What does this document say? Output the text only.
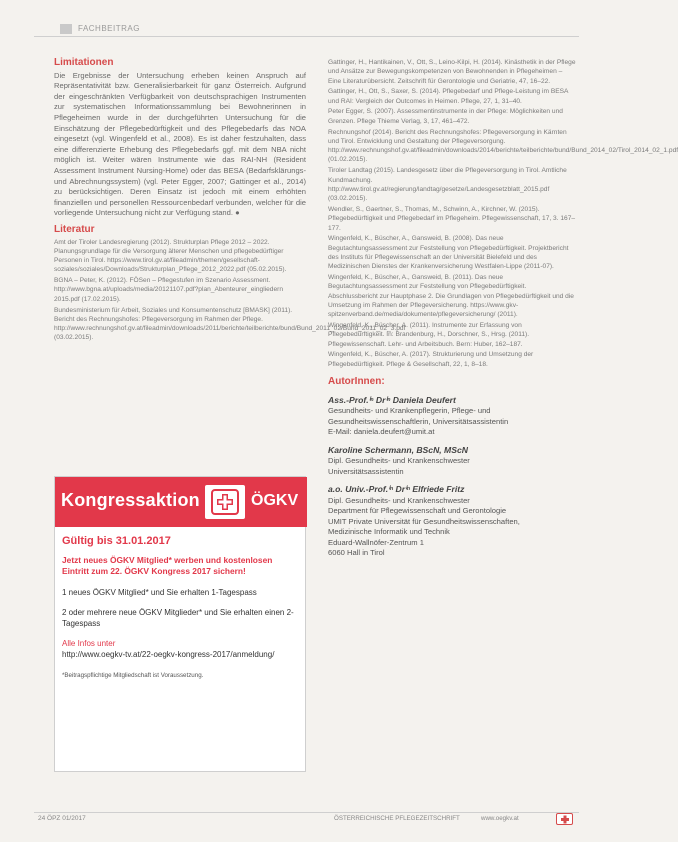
FACHBEITRAG
Limitationen

Die Ergebnisse der Untersuchung erheben keinen Anspruch auf Repräsentativität bzw. Generalisierbarkeit für ganz Österreich. Aufgrund der eingeschränkten Verfügbarkeit von deutschsprachigen Instrumenten zur systematischen Informationssammlung bei Bewohnerinnen in Pflegeheimen wurde in der durchgeführten Untersuchung für die Einschätzung der Pflegebedürftigkeit und des Pflegebedarfs das NOA eingesetzt (vgl. Wingenfeld et al., 2008). Es ist daher festzuhalten, dass eine differenzierte Erhebung des Pflegebedarfs ggf. mit dem NBA nicht möglich ist. Weiter wären Instrumente wie das RAI-NH (Resident Assessment Instrument Nursing-Home) oder das BESA (Bedarfsklärungs- und Abrechnungssystem) (vgl. Peter Egger, 2007; Gattinger et al., 2014) zu berücksichtigen. Deren Einsatz ist jedoch mit einem erhöhten finanziellen und personellen Ressourcenbedarf verbunden, welcher für die vorliegende Untersuchung nicht zur Verfügung stand. ●

Literatur

Amt der Tiroler Landesregierung (2012). Strukturplan Pflege 2012 – 2022. Planungsgrundlage für die Versorgung älterer Menschen und pflegebedürftiger Personen in Tirol. https://www.tirol.gv.at/fileadmin/themen/gesellschaft-soziales/soziales/Downloads/Strukturplan_Pflege_2012_2022.pdf (05.02.2015).

BGNA – Peter, K. (2012). FÖSen – Pflegestufen im Szenario Assessment. http://www.bgna.at/uploads/media/20121107.pdf?plan_Abenteurer_eingliedern 2015.pdf (17.02.2015).

Bundesministerium für Arbeit, Soziales und Konsumentenschutz [BMASK] (2011). Bericht des Rechnungshofes: Pflegeversorgung im Rahmen der Pflege. http://www.rechnungshof.gv.at/fileadmin/downloads/2011/berichte/teilberichte/bund/Bund_2011_02/Bund_2011_02_3.pdf (03.02.2015).

Kongressaktion	ÖGKV
Gültig bis 31.01.2017
Jetzt neues ÖGKV Mitglied* werben und kostenlosen Eintritt zum 22. ÖGKV Kongress 2017 sichern!
1 neues ÖGKV Mitglied* und Sie erhalten 1-Tagespass
2 oder mehrere neue ÖGKV Mitglieder* und Sie erhalten einen 2-Tagespass
Alle Infos unter
http://www.oegkv-tv.at/22-oegkv-kongress-2017/anmeldung/
*Beitragspflichtige Mitgliedschaft ist Voraussetzung.

Gattinger, H., Hantikainen, V., Ott, S., Leino-Kilpi, H. (2014). Kinästhetik in der Pflege und Ansätze zur Bewegungskompetenzen von Bewohnenden in Pflegeheimen – Eine Literaturübersicht. Zeitschrift für Gerontologie und Geriatrie, 47, 16–22.

Gattinger, H., Ott, S., Saxer, S. (2014). Pflegebedarf und Pflege-Leistung im BESA und RAI: Vergleich der Outcomes in Heimen. Pflege, 27, 1, 31–40.

Peter Egger, S. (2007). Assessmentinstrumente in der Pflege: Möglichkeiten und Grenzen. Pflege Thieme Verlag, 3, 17, 461–472.

Rechnungshof (2014). Bericht des Rechnungshofes: Pflegeversorgung in Kärnten und Tirol. Entwicklung und Gestaltung der Pflegeversorgung. http://www.rechnungshof.gv.at/fileadmin/downloads/2014/berichte/teilberichte/bund/Bund_2014_02/Tirol_2014_02_1.pdf (01.02.2015).

Tiroler Landtag (2015). Landesgesetz über die Pflegeversorgung in Tirol. Amtliche Kundmachung. http://www.tirol.gv.at/regierung/landtag/gesetze/Landesgesetzblatt_2015.pdf (03.02.2015).

Wendler, S., Gaertner, S., Thomas, M., Schwinn, A., Kirchner, W. (2015). Pflegebedürftigkeit und Pflegebedarf im Pflegeheim. Pflegewissenschaft, 17, 3. 167–177.

Wingenfeld, K., Büscher, A., Gansweid, B. (2008). Das neue Begutachtungsassessment zur Feststellung von Pflegebedürftigkeit. Projektbericht des Instituts für Pflegewissenschaft an der Universität Bielefeld und des Medizinischen Dienstes der Krankenversicherung Westfalen-Lippe (2011-07).

Wingenfeld, K., Büscher, A., Gansweid, B. (2011). Das neue Begutachtungsassessment zur Feststellung von Pflegebedürftigkeit. Abschlussbericht zur Hauptphase 2. Die Grundlagen von Pflegebedürftigkeit und die Umsetzung im Rahmen der Pflegeversicherung. https://www.gkv-spitzenverband.de/media/dokumente/pflegeversicherung/ (2011).

Wingenfeld, K., Büscher, A. (2011). Instrumente zur Erfassung von Pflegebedürftigkeit. In: Brandenburg, H., Dorschner, S., Hrsg. (2011). Pflegewissenschaft. Lehr- und Arbeitsbuch. Bern: Huber, 162–187.

Wingenfeld, K., Büscher, A. (2017). Strukturierung und Umsetzung der Pflegebedürftigkeit. Pflege & Gesellschaft, 22, 1, 8–18.

AutorInnen:
Ass.-Prof.ⁱⁿ Drⁱⁿ Daniela Deufert
Gesundheits- und Krankenpflegerin, Pflege- und
Gesundheitswissenschaftlerin, Universitätsassistentin
E-Mail: daniela.deufert@umit.at
Karoline Schermann, BScN, MScN
Dipl. Gesundheits- und Krankenschwester
Universitätsassistentin
a.o. Univ.-Prof.ⁱⁿ Drⁱⁿ Elfriede Fritz
Dipl. Gesundheits- und Krankenschwester
Department für Pflegewissenschaft und Gerontologie
UMIT Private Universität für Gesundheitswissenschaften,
Medizinische Informatik und Technik
Eduard-Wallnöfer-Zentrum 1
6060 Hall in Tirol
24 ÖPZ 01/2017	ÖSTERREICHISCHE PFLEGEZEITSCHRIFT	www.oegkv.at
